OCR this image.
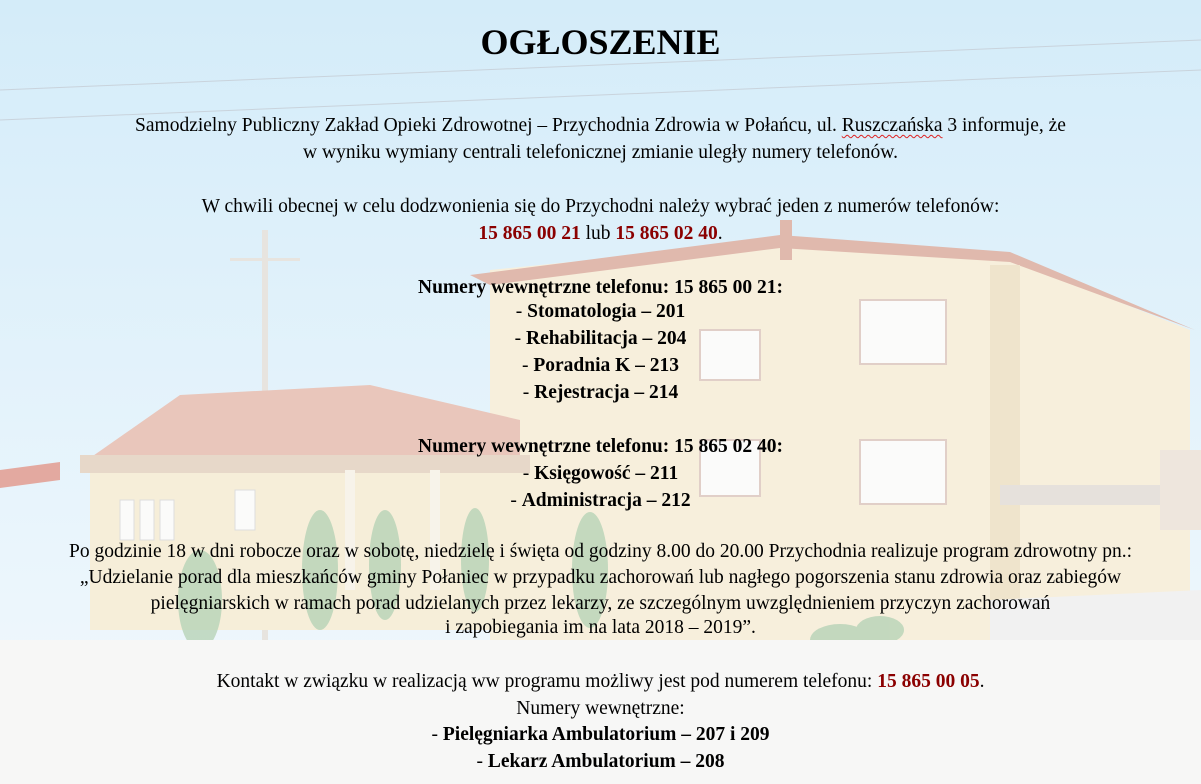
OGŁOSZENIE
Samodzielny Publiczny Zakład Opieki Zdrowotnej – Przychodnia Zdrowia w Połańcu, ul. Ruszczańska 3 informuje, że
w wyniku wymiany centrali telefonicznej zmianie uległy numery telefonów.
W chwili obecnej w celu dodzwonienia się do Przychodni należy wybrać jeden z numerów telefonów:
15 865 00 21 lub 15 865 02 40.
Numery wewnętrzne telefonu: 15 865 00 21:
- Stomatologia – 201
- Rehabilitacja – 204
- Poradnia K – 213
- Rejestracja – 214
Numery wewnętrzne telefonu: 15 865 02 40:
- Księgowość – 211
- Administracja – 212
Po godzinie 18 w dni robocze oraz w sobotę, niedzielę i święta od godziny 8.00 do 20.00 Przychodnia realizuje program zdrowotny pn.:
„Udzielanie porad dla mieszkańców gminy Połaniec w przypadku zachorowań lub nagłego pogorszenia stanu zdrowia oraz zabiegów
pielęgniarskich w ramach porad udzielanych przez lekarzy, ze szczególnym uwzględnieniem przyczyn zachorowań
i zapobiegania im na lata 2018 – 2019”.
Kontakt w związku w realizacją ww programu możliwy jest pod numerem telefonu: 15 865 00 05.
Numery wewnętrzne:
- Pielęgniarka Ambulatorium – 207 i 209
- Lekarz Ambulatorium – 208
